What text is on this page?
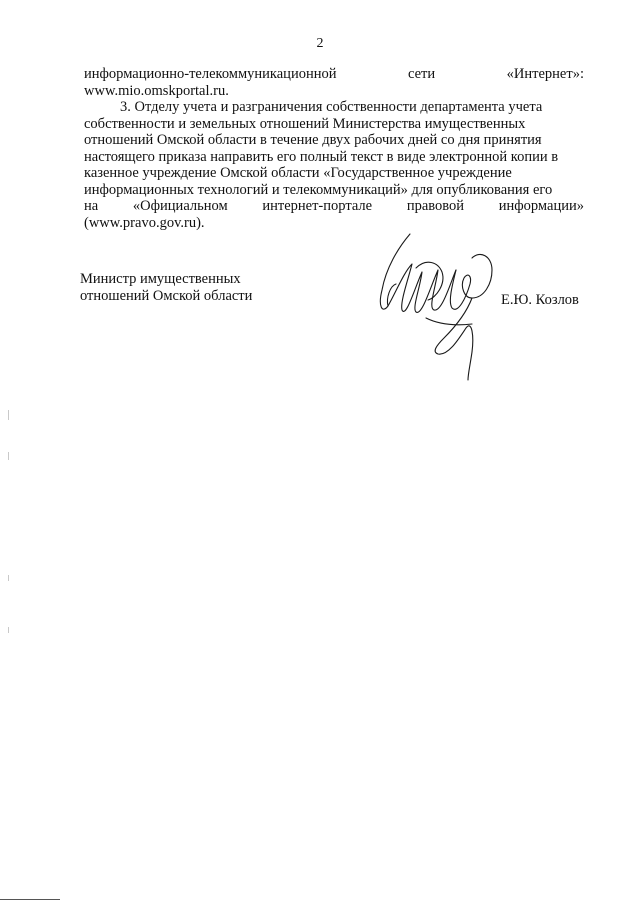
2
информационно-телекоммуникационной	сети	«Интернет»:
www.mio.omskportal.ru.
3. Отделу учета и разграничения собственности департамента учета
собственности и земельных отношений Министерства имущественных
отношений Омской области в течение двух рабочих дней со дня принятия
настоящего приказа направить его полный текст в виде электронной копии в
казенное учреждение Омской области «Государственное учреждение
информационных технологий и телекоммуникаций» для опубликования его
на «Официальном интернет-портале правовой информации»
(www.pravo.gov.ru).
Министр имущественных
отношений Омской области	Е.Ю. Козлов
